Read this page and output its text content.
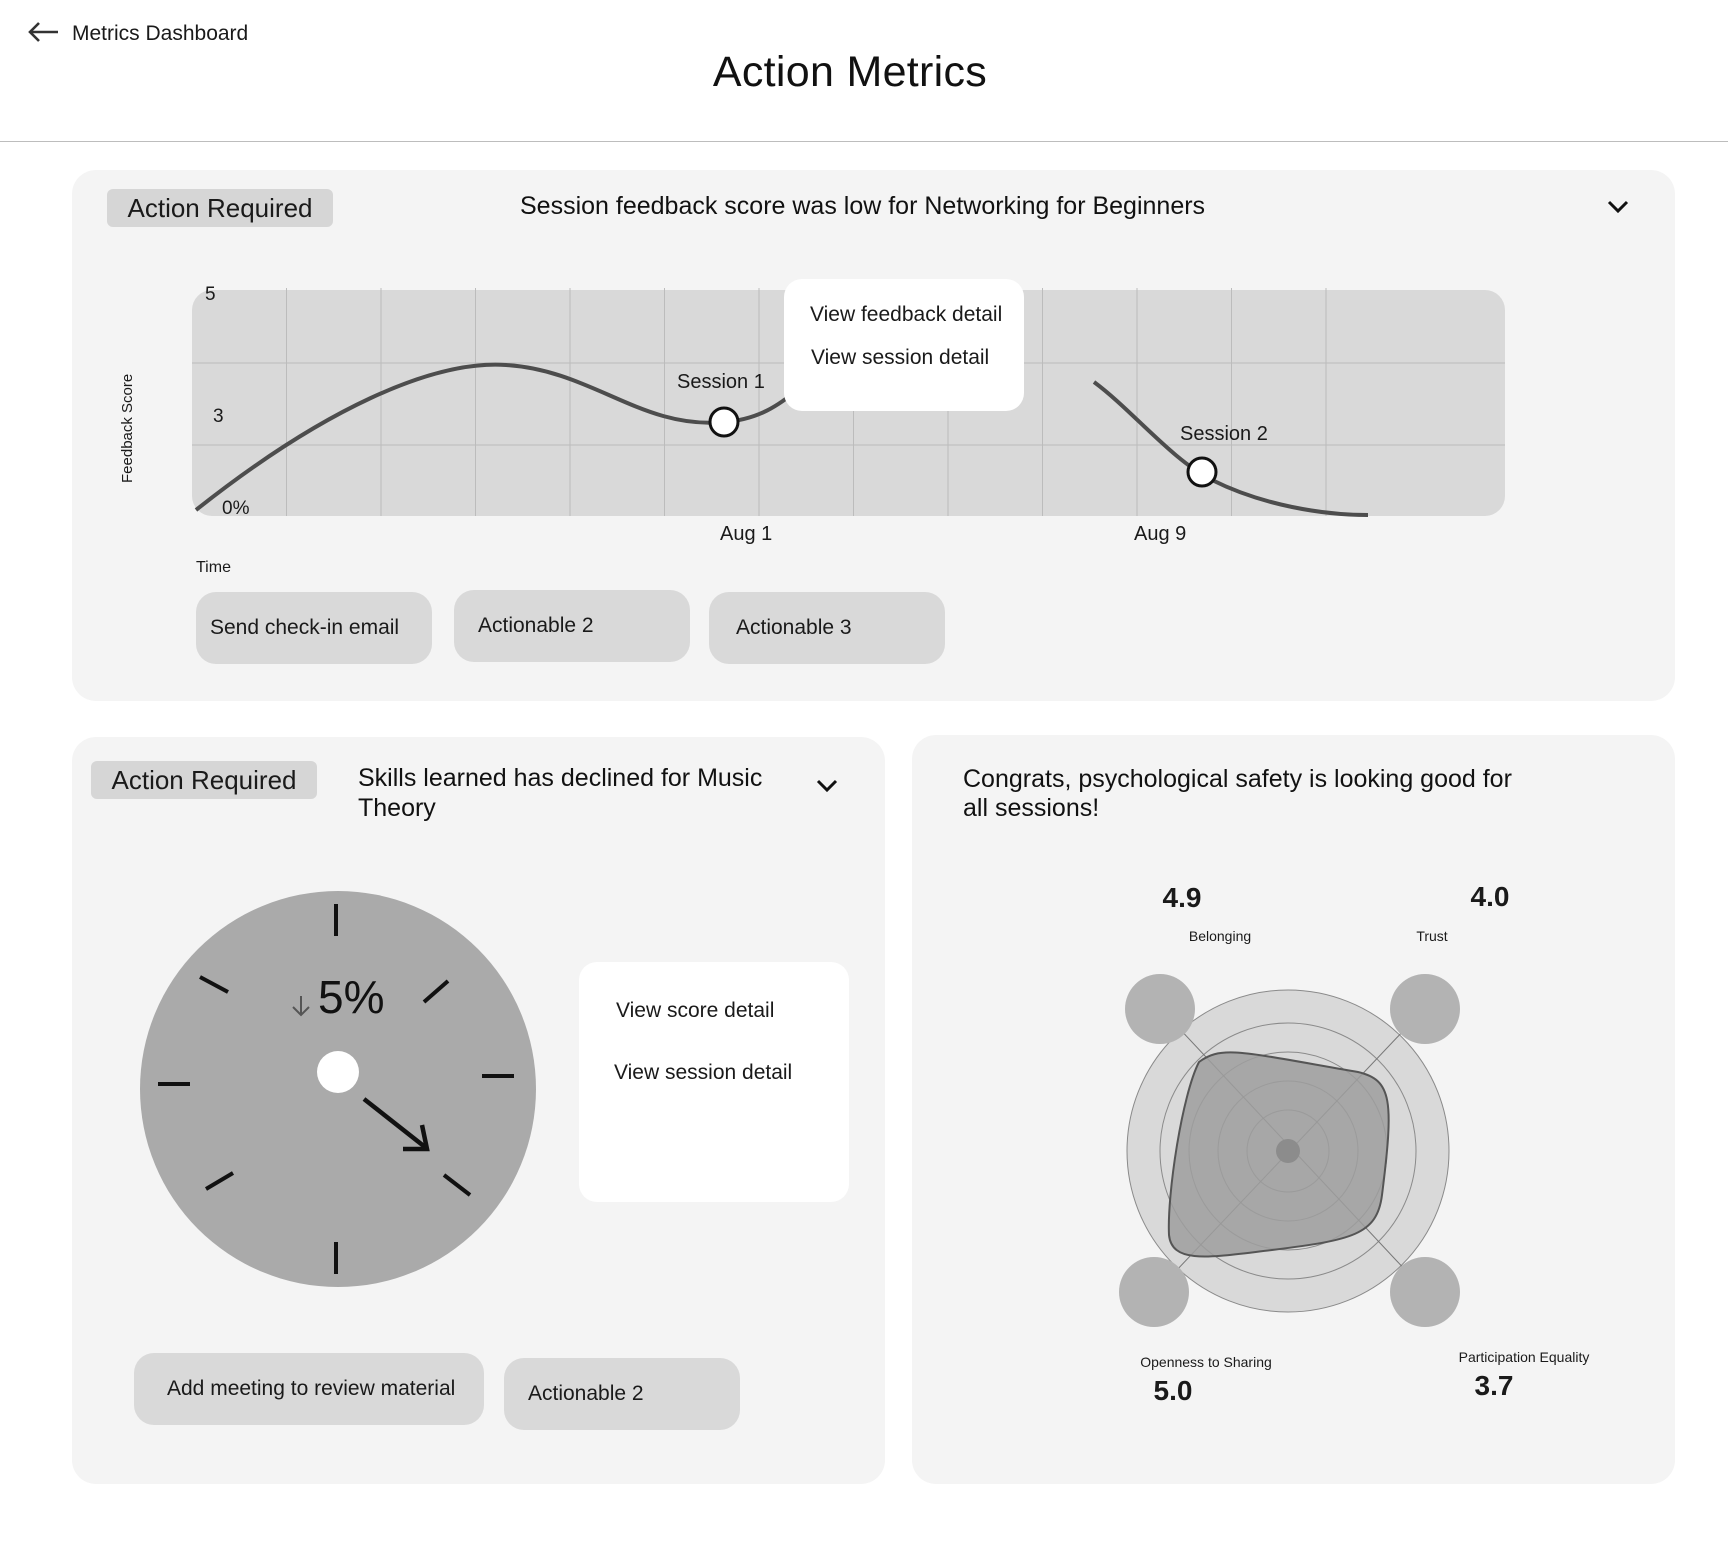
Metrics Dashboard
Action Metrics
Action Required	Session feedback score was low for Networking for Beginners
Session 1
Session 2
5
3
0%
Aug 1	Aug 9
Time
Feedback Score
View feedback detail
View session detail
Send check-in email	Actionable 2	Actionable 3
Action Required	Skills learned has declined for Music Theory
5%	View score detail
View session detail
Add meeting to review material	Actionable 2
Congrats, psychological safety is looking good for all sessions!
4.9
Belonging
4.0
Trust
Openness to Sharing
5.0
Participation Equality
3.7
